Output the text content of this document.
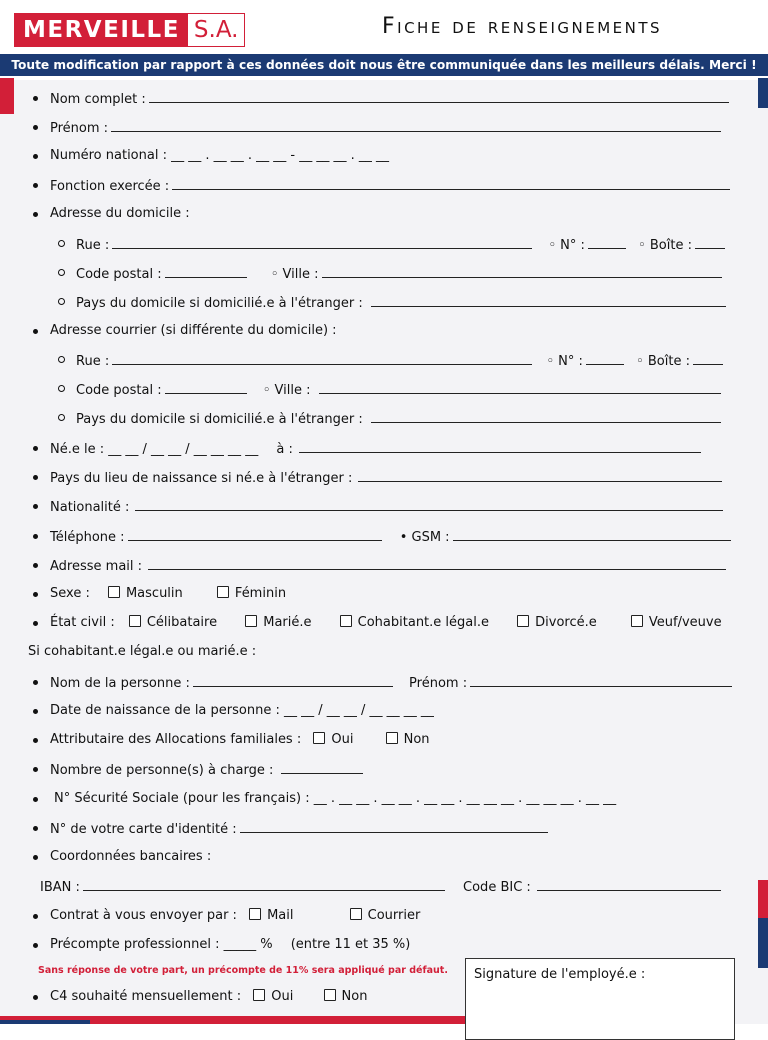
MERVEILLE S.A.	Fiche de renseignements
Toute modification par rapport à ces données doit nous être communiquée dans les meilleurs délais. Merci !
Nom complet :
Prénom :
Numéro national : __ __ . __ __ . __ __ - __ __ __ . __ __
Fonction exercée :
Adresse du domicile :
Rue :	◦ N° :	◦ Boîte :
Code postal :	◦ Ville :
Pays du domicile si domicilié.e à l'étranger :
Adresse courrier (si différente du domicile) :
Rue :	◦ N° :	◦ Boîte :
Code postal :	◦ Ville :
Pays du domicile si domicilié.e à l'étranger :
Né.e le : __ __ / __ __ / __ __ __ __ à :
Pays du lieu de naissance si né.e à l'étranger :
Nationalité :
Téléphone :	• GSM :
Adresse mail :
Sexe :	Masculin	Féminin
État civil : Célibataire	Marié.e	Cohabitant.e légal.e	Divorcé.e	Veuf/veuve
Si cohabitant.e légal.e ou marié.e :
Nom de la personne :	Prénom :
Date de naissance de la personne : __ __ / __ __ / __ __ __ __
Attributaire des Allocations familiales : Oui	Non
Nombre de personne(s) à charge :
N° Sécurité Sociale (pour les français) : __ . __ __ . __ __ . __ __ . __ __ __ . __ __ __ . __ __
N° de votre carte d'identité :
Coordonnées bancaires :
IBAN :	Code BIC :
Contrat à vous envoyer par : Mail	Courrier
Précompte professionnel : _____ % (entre 11 et 35 %)
Sans réponse de votre part, un précompte de 11% sera appliqué par défaut.
C4 souhaité mensuellement : Oui	Non
Signature de l'employé.e :
